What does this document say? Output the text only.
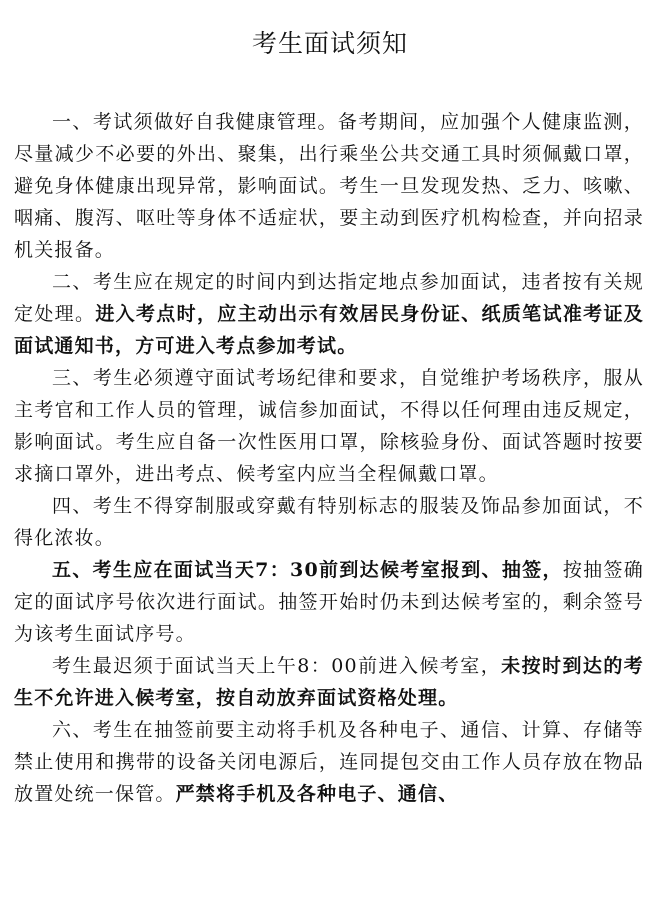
考生面试须知

一、考试须做好自我健康管理。备考期间，应加强个人健康监测，尽量减少不必要的外出、聚集，出行乘坐公共交通工具时须佩戴口罩，避免身体健康出现异常，影响面试。考生一旦发现发热、乏力、咳嗽、咽痛、腹泻、呕吐等身体不适症状，要主动到医疗机构检查，并向招录机关报备。

二、考生应在规定的时间内到达指定地点参加面试，违者按有关规定处理。进入考点时，应主动出示有效居民身份证、纸质笔试准考证及面试通知书，方可进入考点参加考试。

三、考生必须遵守面试考场纪律和要求，自觉维护考场秩序，服从主考官和工作人员的管理，诚信参加面试，不得以任何理由违反规定，影响面试。考生应自备一次性医用口罩，除核验身份、面试答题时按要求摘口罩外，进出考点、候考室内应当全程佩戴口罩。

四、考生不得穿制服或穿戴有特别标志的服装及饰品参加面试，不得化浓妆。

五、考生应在面试当天7：30前到达候考室报到、抽签，按抽签确定的面试序号依次进行面试。抽签开始时仍未到达候考室的，剩余签号为该考生面试序号。

考生最迟须于面试当天上午8：00前进入候考室，未按时到达的考生不允许进入候考室，按自动放弃面试资格处理。

六、考生在抽签前要主动将手机及各种电子、通信、计算、存储等禁止使用和携带的设备关闭电源后，连同提包交由工作人员存放在物品放置处统一保管。严禁将手机及各种电子、通信、
